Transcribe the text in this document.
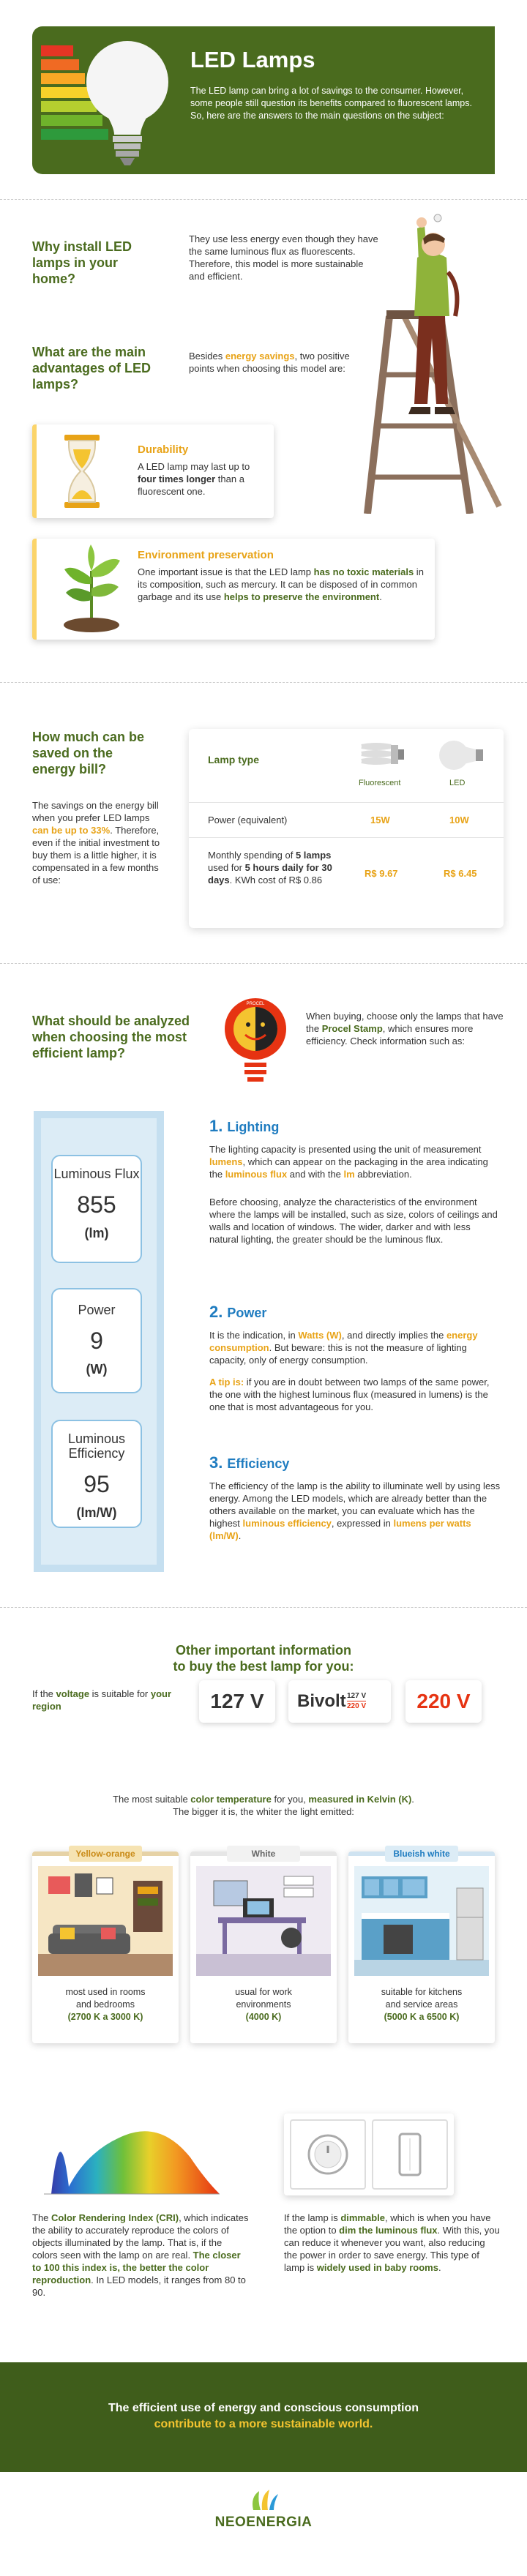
LED Lamps

The LED lamp can bring a lot of savings to the consumer. However, some people still question its benefits compared to fluorescent lamps. So, here are the answers to the main questions on the subject:

Why install LED lamps in your home?
They use less energy even though they have the same luminous flux as fluorescents. Therefore, this model is more sustainable and efficient.
What are the main advantages of LED lamps?
Besides energy savings, two positive points when choosing this model are:
Durability
A LED lamp may last up to four times longer than a fluorescent one.
Environment preservation
One important issue is that the LED lamp has no toxic materials in its composition, such as mercury. It can be disposed of in common garbage and its use helps to preserve the environment.
How much can be saved on the energy bill?
The savings on the energy bill when you prefer LED lamps can be up to 33%. Therefore, even if the initial investment to buy them is a little higher, it is compensated in a few months of use:
Lamp type
Fluorescent	LED
Power (equivalent)	15W	10W
Monthly spending of 5 lamps used for 5 hours daily for 30 days. KWh cost of R$ 0.86
R$ 9.67	R$ 6.45
What should be analyzed when choosing the most efficient lamp?
PROCEL
When buying, choose only the lamps that have the Procel Stamp, which ensures more efficiency. Check information such as:
Luminous Flux
855
(lm)
Power
9
(W)
Luminous Efficiency
95
(lm/W)
1. Lighting
The lighting capacity is presented using the unit of measurement lumens, which can appear on the packaging in the area indicating the luminous flux and with the lm abbreviation.
Before choosing, analyze the characteristics of the environment where the lamps will be installed, such as size, colors of ceilings and walls and location of windows. The wider, darker and with less natural lighting, the greater should be the luminous flux.
2. Power
It is the indication, in Watts (W), and directly implies the energy consumption. But beware: this is not the measure of lighting capacity, only of energy consumption.
A tip is: if you are in doubt between two lamps of the same power, the one with the highest luminous flux (measured in lumens) is the one that is most advantageous for you.
3. Efficiency
The efficiency of the lamp is the ability to illuminate well by using less energy. Among the LED models, which are already better than the others available on the market, you can evaluate which has the highest luminous efficiency, expressed in lumens per watts (lm/W).
Other important information
to buy the best lamp for you:
If the voltage is suitable for your region	127 V	Bivolt 127 V
220 V	220 V
The most suitable color temperature for you, measured in Kelvin (K).
The bigger it is, the whiter the light emitted:
Yellow-orange
most used in rooms
and bedrooms
(2700 K a 3000 K)
White
usual for work
environments
(4000 K)
Blueish white
suitable for kitchens
and service areas
(5000 K a 6500 K)
The Color Rendering Index (CRI), which indicates the ability to accurately reproduce the colors of objects illuminated by the lamp. That is, if the colors seen with the lamp on are real. The closer to 100 this index is, the better the color reproduction. In LED models, it ranges from 80 to 90.
If the lamp is dimmable, which is when you have the option to dim the luminous flux. With this, you can reduce it whenever you want, also reducing the power in order to save energy. This type of lamp is widely used in baby rooms.

The efficient use of energy and conscious consumption
contribute to a more sustainable world.

NEOENERGIA
